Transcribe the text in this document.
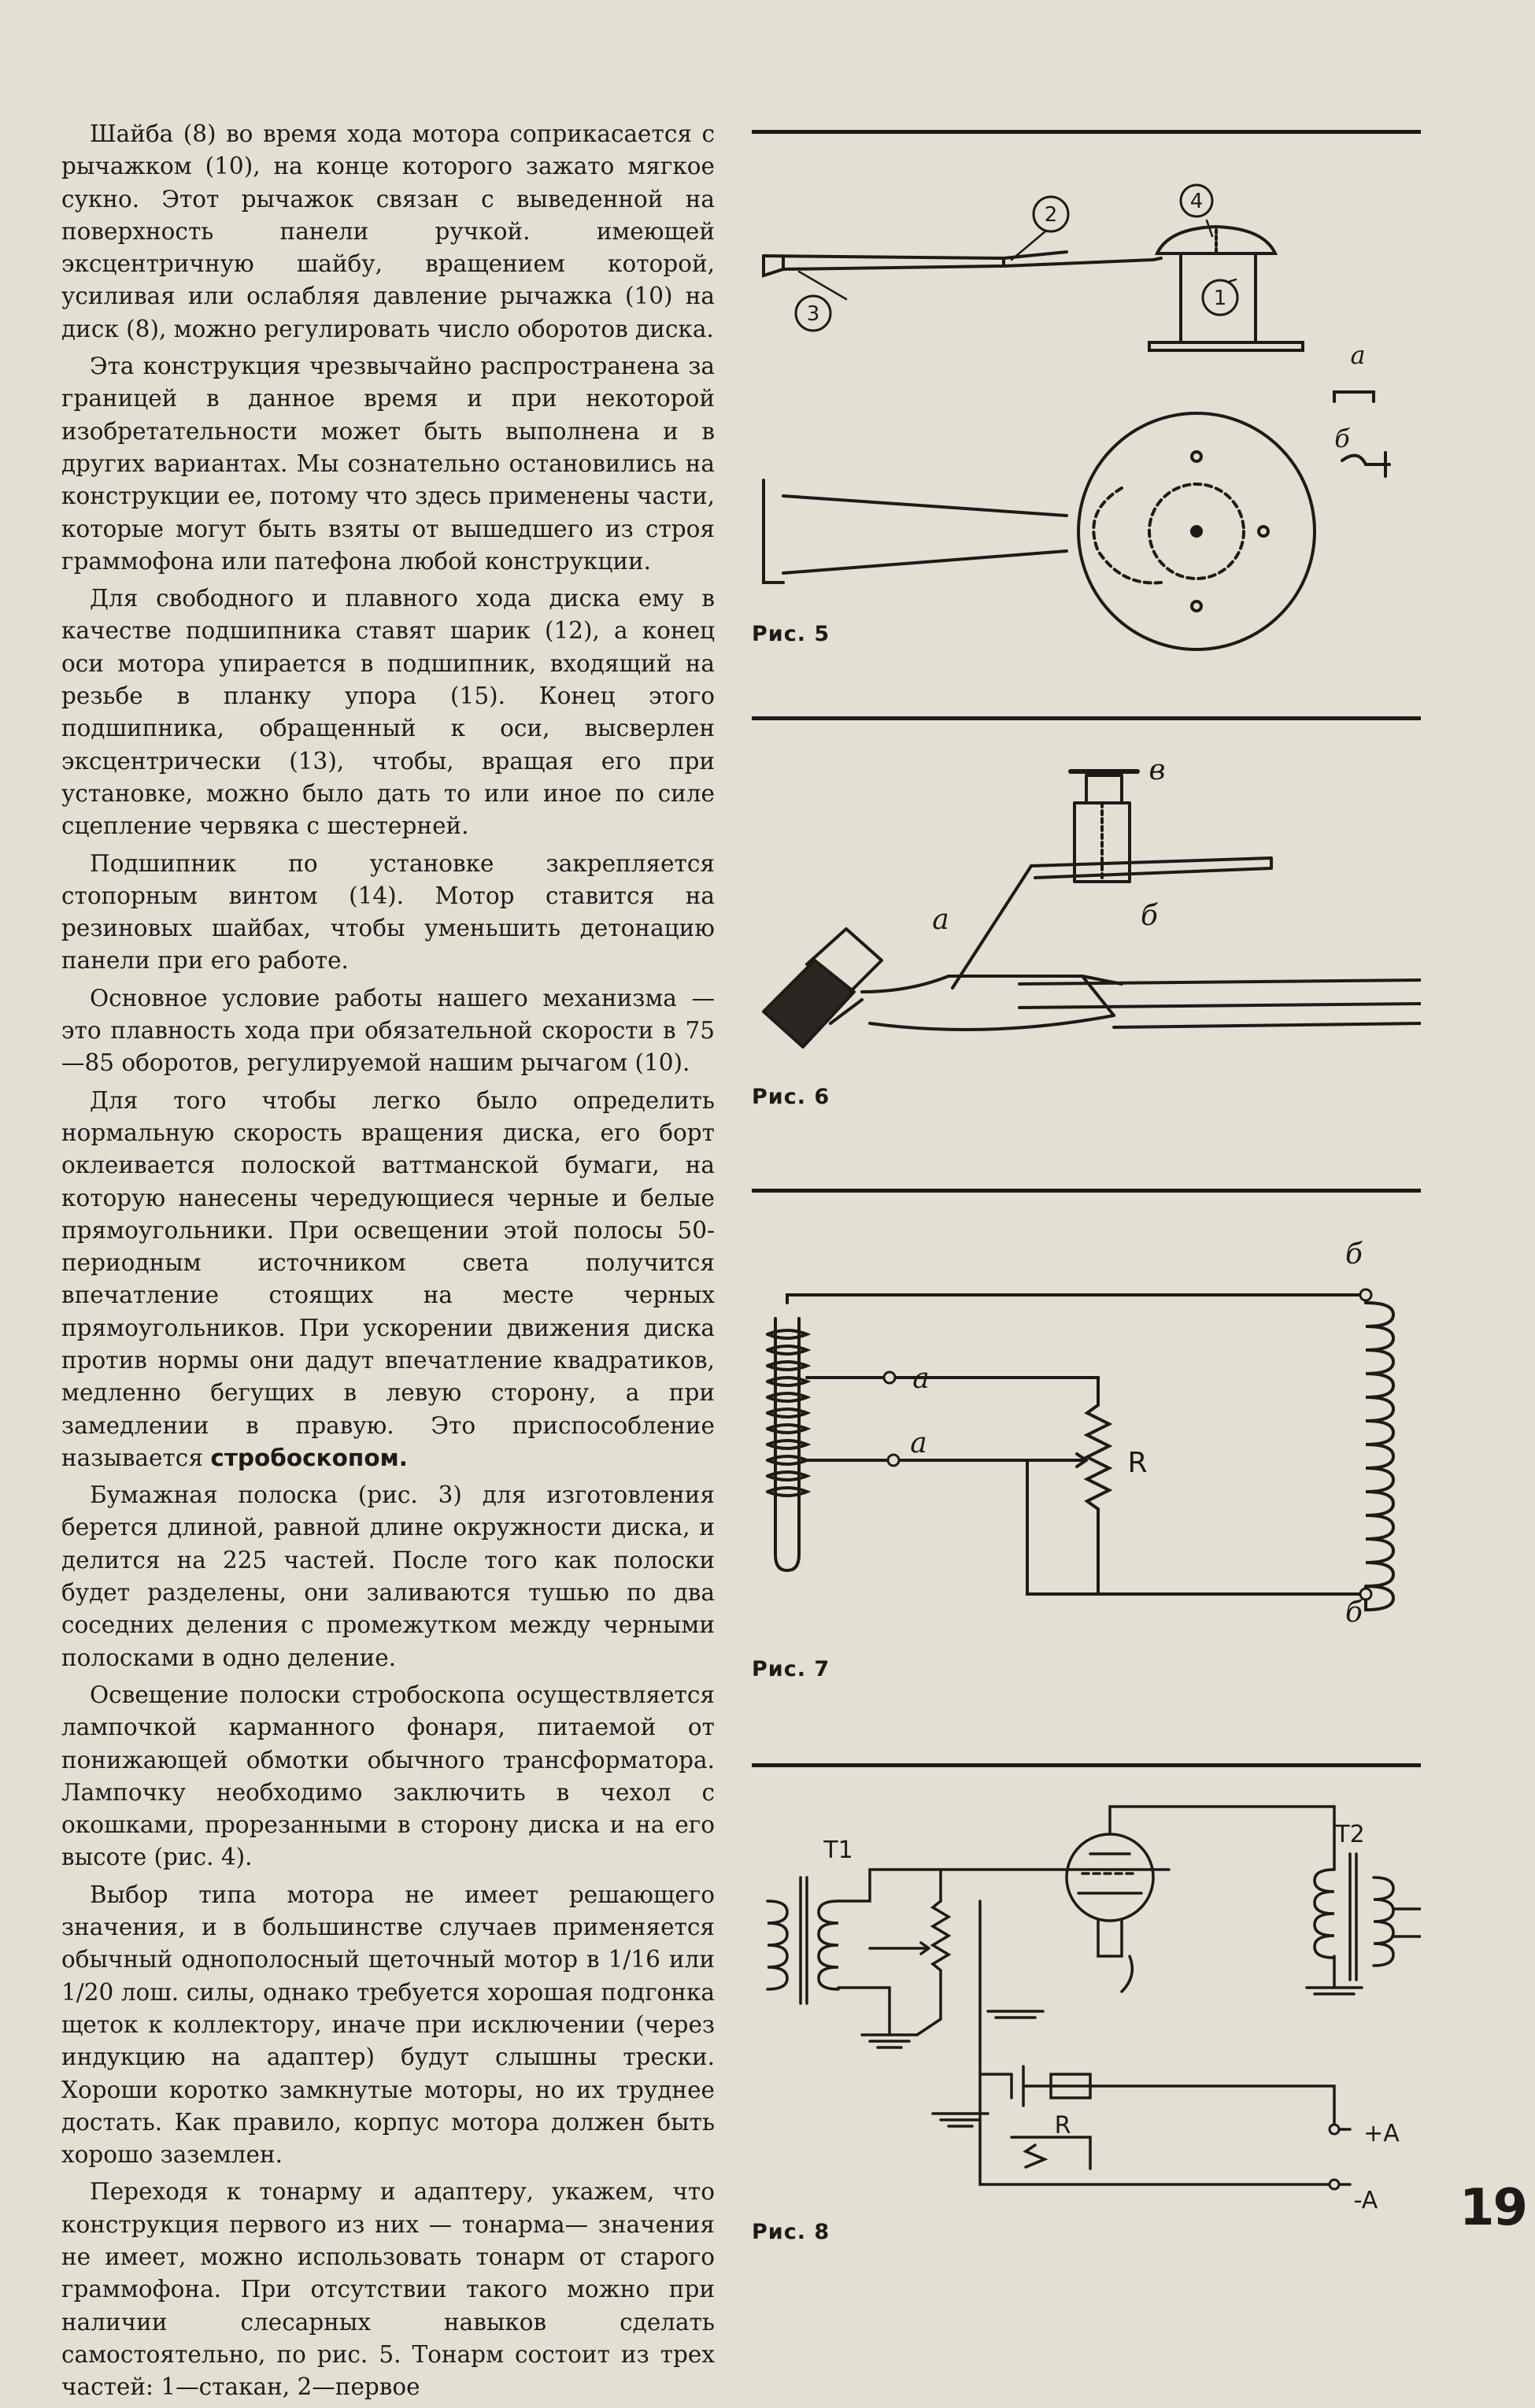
Шайба (8) во время хода мотора соприкасается с рычажком (10), на конце которого зажато мягкое сукно. Этот рычажок связан с выведенной на поверхность панели ручкой. имеющей эксцентричную шайбу, вращением которой, усиливая или ослабляя давление рычажка (10) на диск (8), можно регулировать число оборотов диска.

Эта конструкция чрезвычайно распространена за границей в данное время и при некоторой изобретательности может быть выполнена и в других вариантах. Мы сознательно остановились на конструкции ее, потому что здесь применены части, которые могут быть взяты от вышедшего из строя граммофона или патефона любой конструкции.

Для свободного и плавного хода диска ему в качестве подшипника ставят шарик (12), а конец оси мотора упирается в подшипник, входящий на резьбе в планку упора (15). Конец этого подшипника, обращенный к оси, высверлен эксцентрически (13), чтобы, вращая его при установке, можно было дать то или иное по силе сцепление червяка с шестерней.

Подшипник по установке закрепляется стопорным винтом (14). Мотор ставится на резиновых шайбах, чтобы уменьшить детонацию панели при его работе.

Основное условие работы нашего механизма — это плавность хода при обязательной скорости в 75—85 оборотов, регулируемой нашим рычагом (10).

Для того чтобы легко было определить нормальную скорость вращения диска, его борт оклеивается полоской ваттманской бумаги, на которую нанесены чередующиеся черные и белые прямоугольники. При освещении этой полосы 50-периодным источником света получится впечатление стоящих на месте черных прямоугольников. При ускорении движения диска против нормы они дадут впечатление квадратиков, медленно бегущих в левую сторону, а при замедлении в правую. Это приспособление называется стробоскопом.

Бумажная полоска (рис. 3) для изготовления берется длиной, равной длине окружности диска, и делится на 225 частей. После того как полоски будет разделены, они заливаются тушью по два соседних деления с промежутком между черными полосками в одно деление.

Освещение полоски стробоскопа осуществляется лампочкой карманного фонаря, питаемой от понижающей обмотки обычного трансформатора. Лампочку необходимо заключить в чехол с окошками, прорезанными в сторону диска и на его высоте (рис. 4).

Выбор типа мотора не имеет решающего значения, и в большинстве случаев применяется обычный однополосный щеточный мотор в 1/16 или 1/20 лош. силы, однако требуется хорошая подгонка щеток к коллектору, иначе при исключении (через индукцию на адаптер) будут слышны трески. Хороши коротко замкнутые моторы, но их труднее достать. Как правило, корпус мотора должен быть хорошо заземлен.

Переходя к тонарму и адаптеру, укажем, что конструкция первого из них — тонарма— значения не имеет, можно использовать тонарм от старого граммофона. При отсутствии такого можно при наличии слесарных навыков сделать самостоятельно, по рис. 5. Тонарм состоит из трех частей: 1—стакан, 2—первое

2
4
1
3
а
б
Рис. 5
в
а	б
Рис. 6
б
а
а
R
б
Рис. 7
T1
T2
+A
-A
R
Рис. 8	19
